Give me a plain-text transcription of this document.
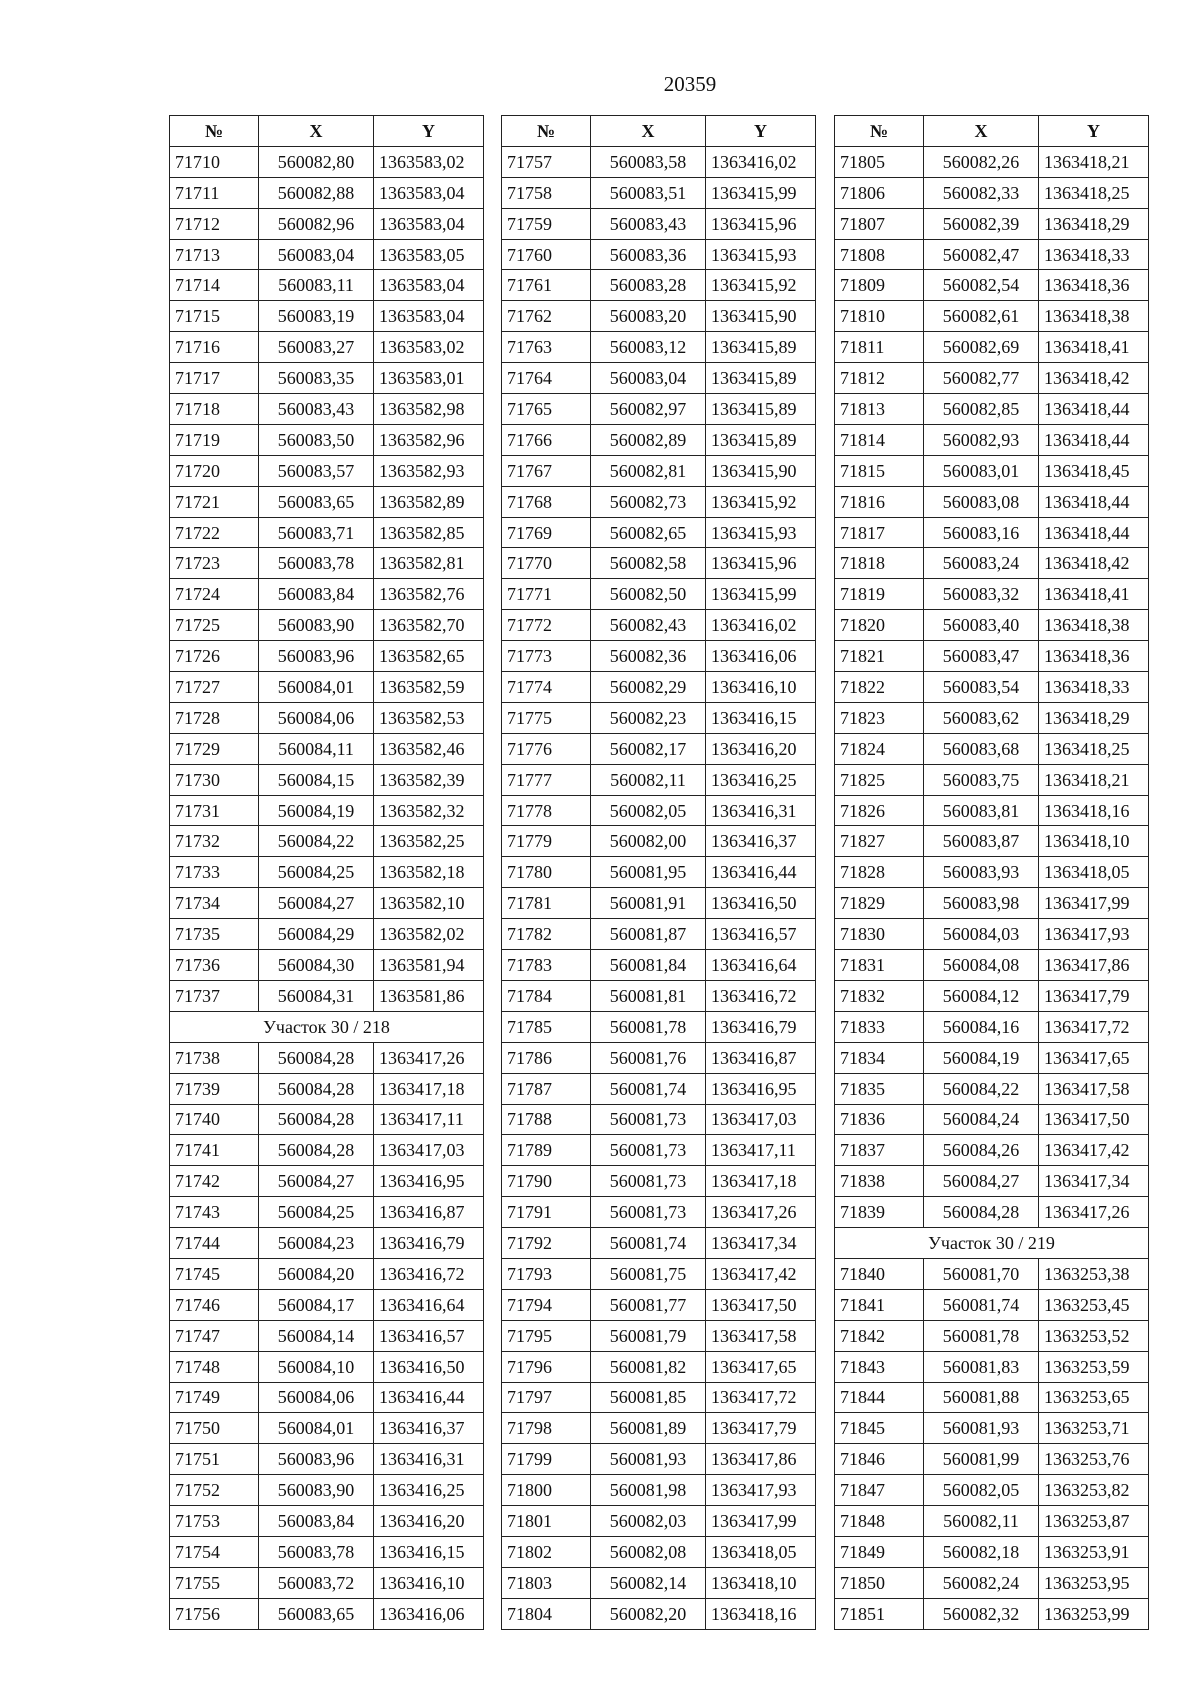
20359
№	X	Y
71710	560082,80	1363583,02
71711	560082,88	1363583,04
71712	560082,96	1363583,04
71713	560083,04	1363583,05
71714	560083,11	1363583,04
71715	560083,19	1363583,04
71716	560083,27	1363583,02
71717	560083,35	1363583,01
71718	560083,43	1363582,98
71719	560083,50	1363582,96
71720	560083,57	1363582,93
71721	560083,65	1363582,89
71722	560083,71	1363582,85
71723	560083,78	1363582,81
71724	560083,84	1363582,76
71725	560083,90	1363582,70
71726	560083,96	1363582,65
71727	560084,01	1363582,59
71728	560084,06	1363582,53
71729	560084,11	1363582,46
71730	560084,15	1363582,39
71731	560084,19	1363582,32
71732	560084,22	1363582,25
71733	560084,25	1363582,18
71734	560084,27	1363582,10
71735	560084,29	1363582,02
71736	560084,30	1363581,94
71737	560084,31	1363581,86
Участок 30 / 218		
71738	560084,28	1363417,26
71739	560084,28	1363417,18
71740	560084,28	1363417,11
71741	560084,28	1363417,03
71742	560084,27	1363416,95
71743	560084,25	1363416,87
71744	560084,23	1363416,79
71745	560084,20	1363416,72
71746	560084,17	1363416,64
71747	560084,14	1363416,57
71748	560084,10	1363416,50
71749	560084,06	1363416,44
71750	560084,01	1363416,37
71751	560083,96	1363416,31
71752	560083,90	1363416,25
71753	560083,84	1363416,20
71754	560083,78	1363416,15
71755	560083,72	1363416,10
71756	560083,65	1363416,06
№	X	Y
71757	560083,58	1363416,02
71758	560083,51	1363415,99
71759	560083,43	1363415,96
71760	560083,36	1363415,93
71761	560083,28	1363415,92
71762	560083,20	1363415,90
71763	560083,12	1363415,89
71764	560083,04	1363415,89
71765	560082,97	1363415,89
71766	560082,89	1363415,89
71767	560082,81	1363415,90
71768	560082,73	1363415,92
71769	560082,65	1363415,93
71770	560082,58	1363415,96
71771	560082,50	1363415,99
71772	560082,43	1363416,02
71773	560082,36	1363416,06
71774	560082,29	1363416,10
71775	560082,23	1363416,15
71776	560082,17	1363416,20
71777	560082,11	1363416,25
71778	560082,05	1363416,31
71779	560082,00	1363416,37
71780	560081,95	1363416,44
71781	560081,91	1363416,50
71782	560081,87	1363416,57
71783	560081,84	1363416,64
71784	560081,81	1363416,72
71785	560081,78	1363416,79
71786	560081,76	1363416,87
71787	560081,74	1363416,95
71788	560081,73	1363417,03
71789	560081,73	1363417,11
71790	560081,73	1363417,18
71791	560081,73	1363417,26
71792	560081,74	1363417,34
71793	560081,75	1363417,42
71794	560081,77	1363417,50
71795	560081,79	1363417,58
71796	560081,82	1363417,65
71797	560081,85	1363417,72
71798	560081,89	1363417,79
71799	560081,93	1363417,86
71800	560081,98	1363417,93
71801	560082,03	1363417,99
71802	560082,08	1363418,05
71803	560082,14	1363418,10
71804	560082,20	1363418,16
№	X	Y
71805	560082,26	1363418,21
71806	560082,33	1363418,25
71807	560082,39	1363418,29
71808	560082,47	1363418,33
71809	560082,54	1363418,36
71810	560082,61	1363418,38
71811	560082,69	1363418,41
71812	560082,77	1363418,42
71813	560082,85	1363418,44
71814	560082,93	1363418,44
71815	560083,01	1363418,45
71816	560083,08	1363418,44
71817	560083,16	1363418,44
71818	560083,24	1363418,42
71819	560083,32	1363418,41
71820	560083,40	1363418,38
71821	560083,47	1363418,36
71822	560083,54	1363418,33
71823	560083,62	1363418,29
71824	560083,68	1363418,25
71825	560083,75	1363418,21
71826	560083,81	1363418,16
71827	560083,87	1363418,10
71828	560083,93	1363418,05
71829	560083,98	1363417,99
71830	560084,03	1363417,93
71831	560084,08	1363417,86
71832	560084,12	1363417,79
71833	560084,16	1363417,72
71834	560084,19	1363417,65
71835	560084,22	1363417,58
71836	560084,24	1363417,50
71837	560084,26	1363417,42
71838	560084,27	1363417,34
71839	560084,28	1363417,26
Участок 30 / 219		
71840	560081,70	1363253,38
71841	560081,74	1363253,45
71842	560081,78	1363253,52
71843	560081,83	1363253,59
71844	560081,88	1363253,65
71845	560081,93	1363253,71
71846	560081,99	1363253,76
71847	560082,05	1363253,82
71848	560082,11	1363253,87
71849	560082,18	1363253,91
71850	560082,24	1363253,95
71851	560082,32	1363253,99
